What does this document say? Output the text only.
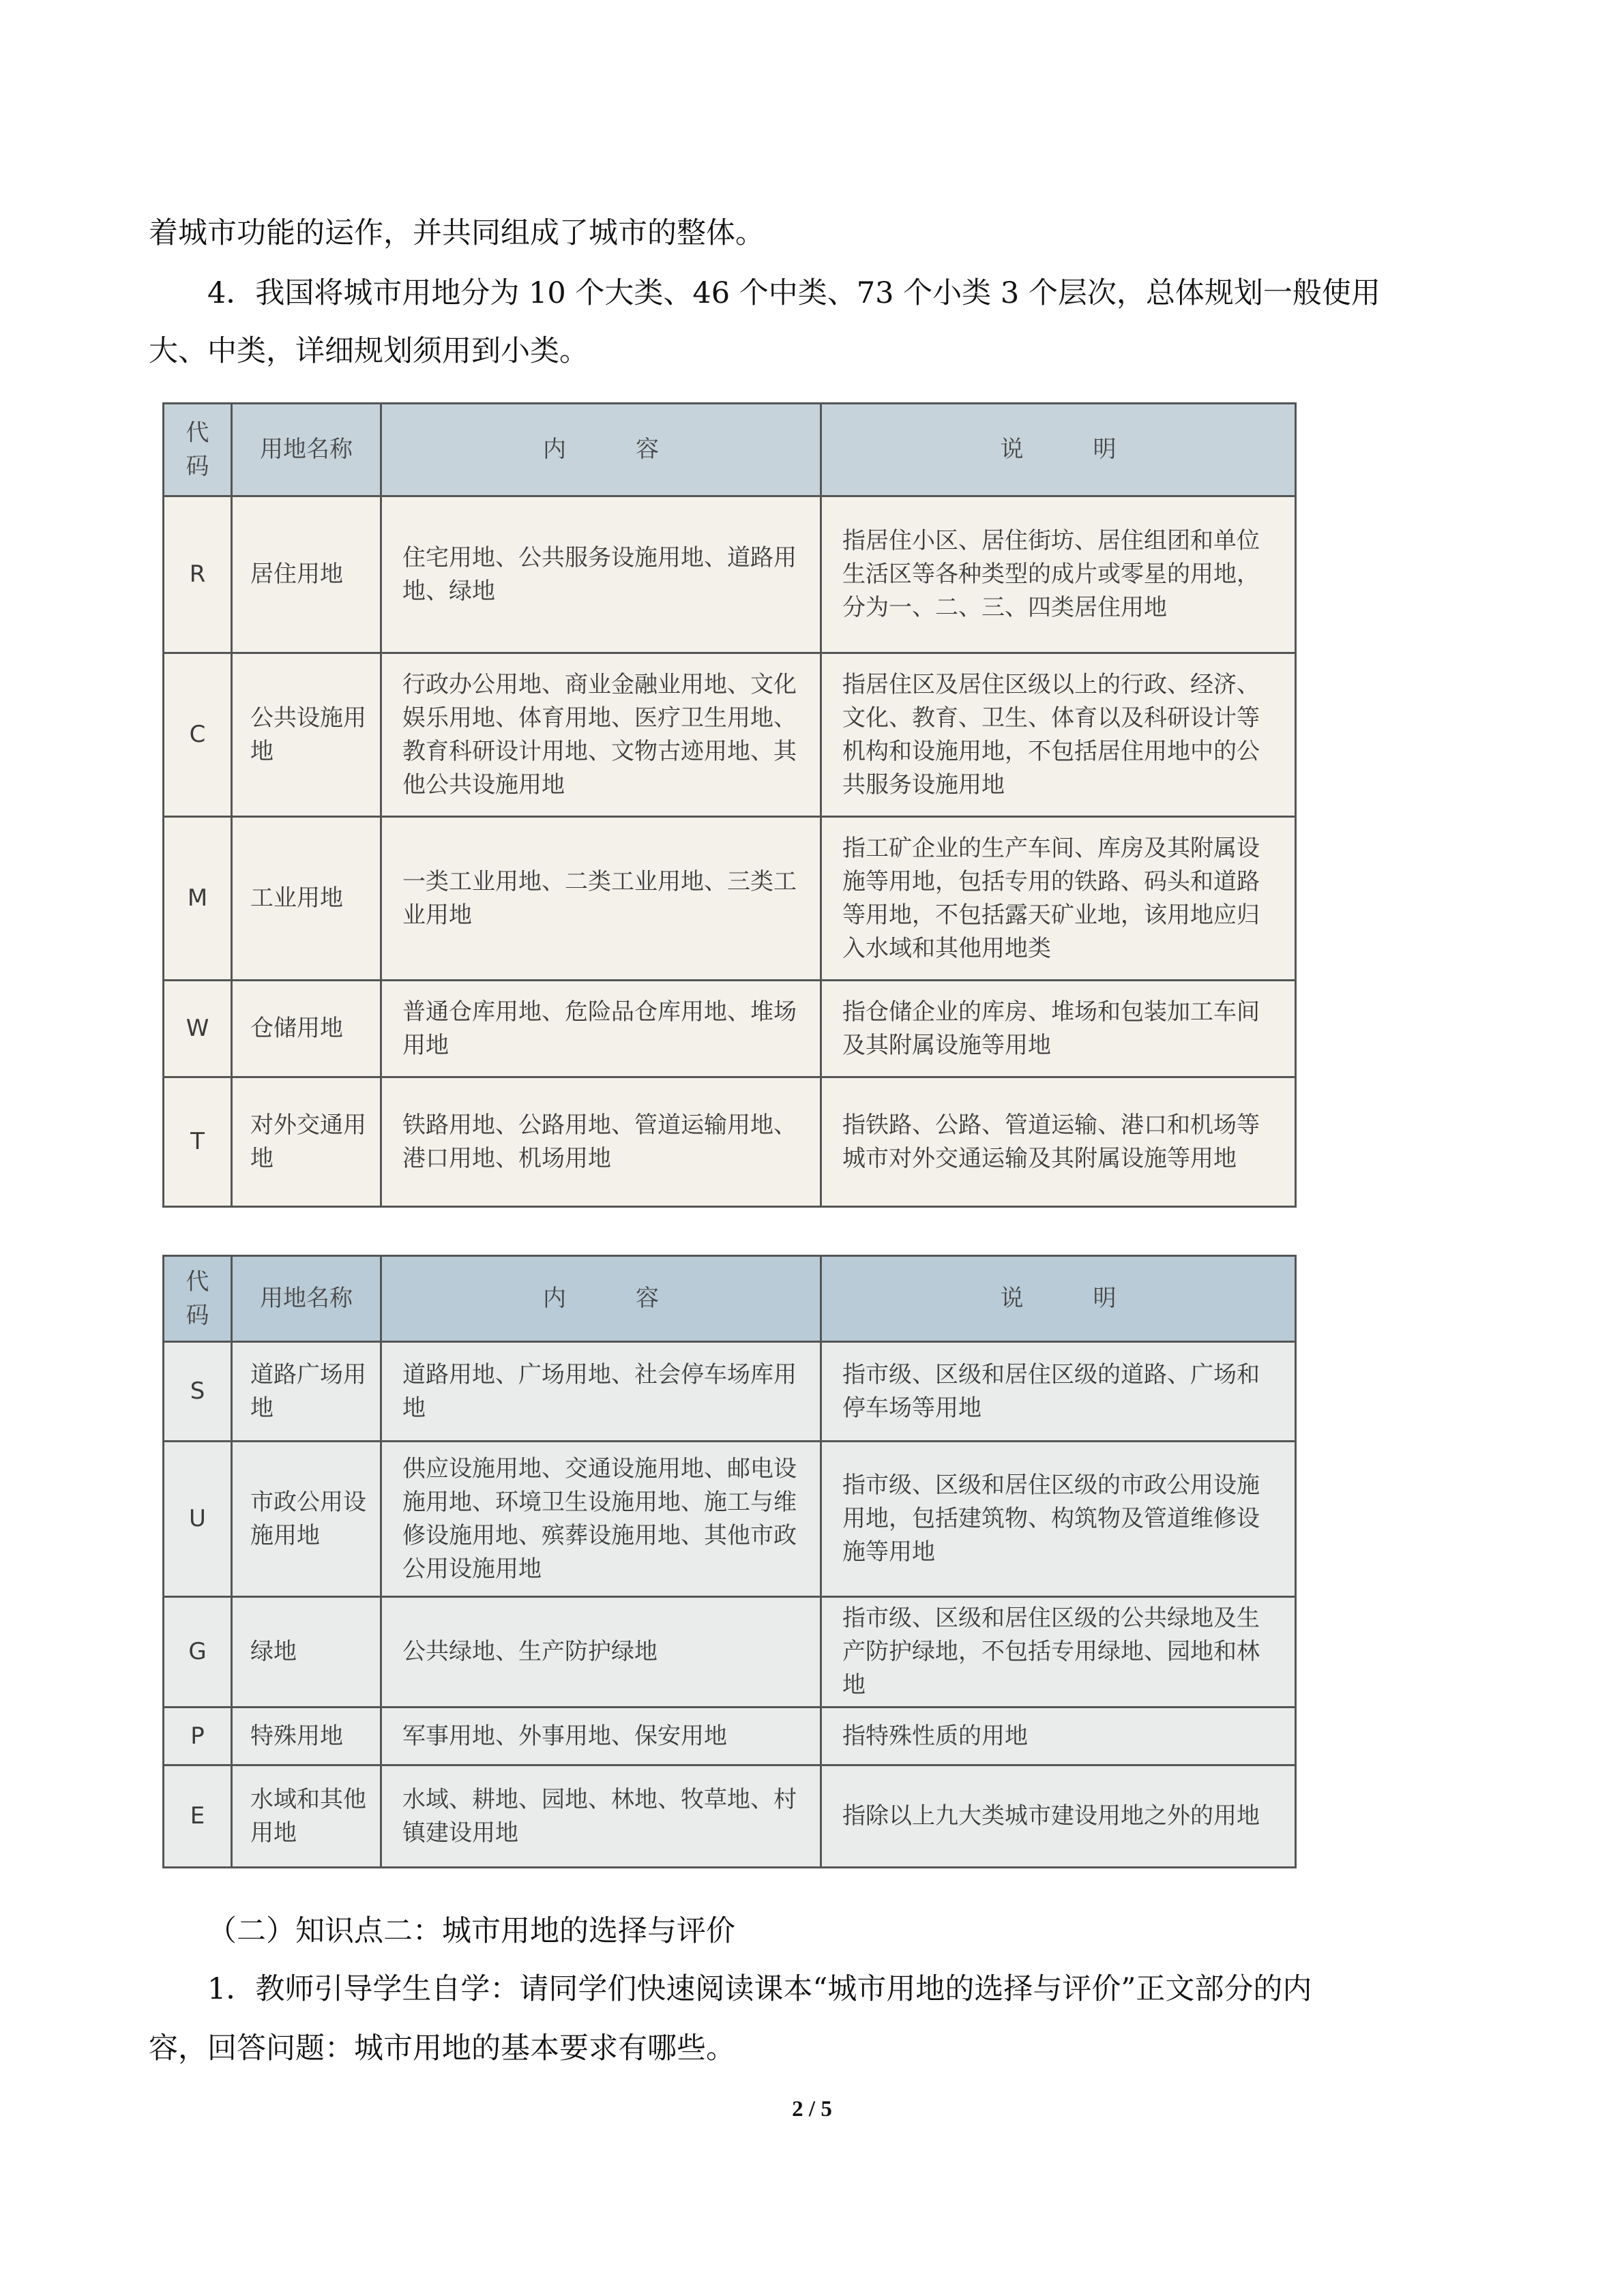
着城市功能的运作，并共同组成了城市的整体。

4．我国将城市用地分为 10 个大类、46 个中类、73 个小类 3 个层次，总体规划一般使用

大、中类，详细规划须用到小类。

代
码	用地名称	内　　　容	说　　　明
R	居住用地	住宅用地、公共服务设施用地、道路用地、绿地	指居住小区、居住街坊、居住组团和单位生活区等各种类型的成片或零星的用地，分为一、二、三、四类居住用地
C	公共设施用地	行政办公用地、商业金融业用地、文化娱乐用地、体育用地、医疗卫生用地、教育科研设计用地、文物古迹用地、其他公共设施用地	指居住区及居住区级以上的行政、经济、文化、教育、卫生、体育以及科研设计等机构和设施用地，不包括居住用地中的公共服务设施用地
M	工业用地	一类工业用地、二类工业用地、三类工业用地	指工矿企业的生产车间、库房及其附属设施等用地，包括专用的铁路、码头和道路等用地，不包括露天矿业地，该用地应归入水域和其他用地类
W	仓储用地	普通仓库用地、危险品仓库用地、堆场用地	指仓储企业的库房、堆场和包装加工车间及其附属设施等用地
T	对外交通用地	铁路用地、公路用地、管道运输用地、港口用地、机场用地	指铁路、公路、管道运输、港口和机场等城市对外交通运输及其附属设施等用地
代
码	用地名称	内　　　容	说　　　明
S	道路广场用地	道路用地、广场用地、社会停车场库用地	指市级、区级和居住区级的道路、广场和停车场等用地
U	市政公用设施用地	供应设施用地、交通设施用地、邮电设施用地、环境卫生设施用地、施工与维修设施用地、殡葬设施用地、其他市政公用设施用地	指市级、区级和居住区级的市政公用设施用地，包括建筑物、构筑物及管道维修设施等用地
G	绿地	公共绿地、生产防护绿地	指市级、区级和居住区级的公共绿地及生产防护绿地，不包括专用绿地、园地和林地
P	特殊用地	军事用地、外事用地、保安用地	指特殊性质的用地
E	水域和其他用地	水域、耕地、园地、林地、牧草地、村镇建设用地	指除以上九大类城市建设用地之外的用地

（二）知识点二：城市用地的选择与评价

1．教师引导学生自学：请同学们快速阅读课本“城市用地的选择与评价”正文部分的内

容，回答问题：城市用地的基本要求有哪些。

2 / 5
